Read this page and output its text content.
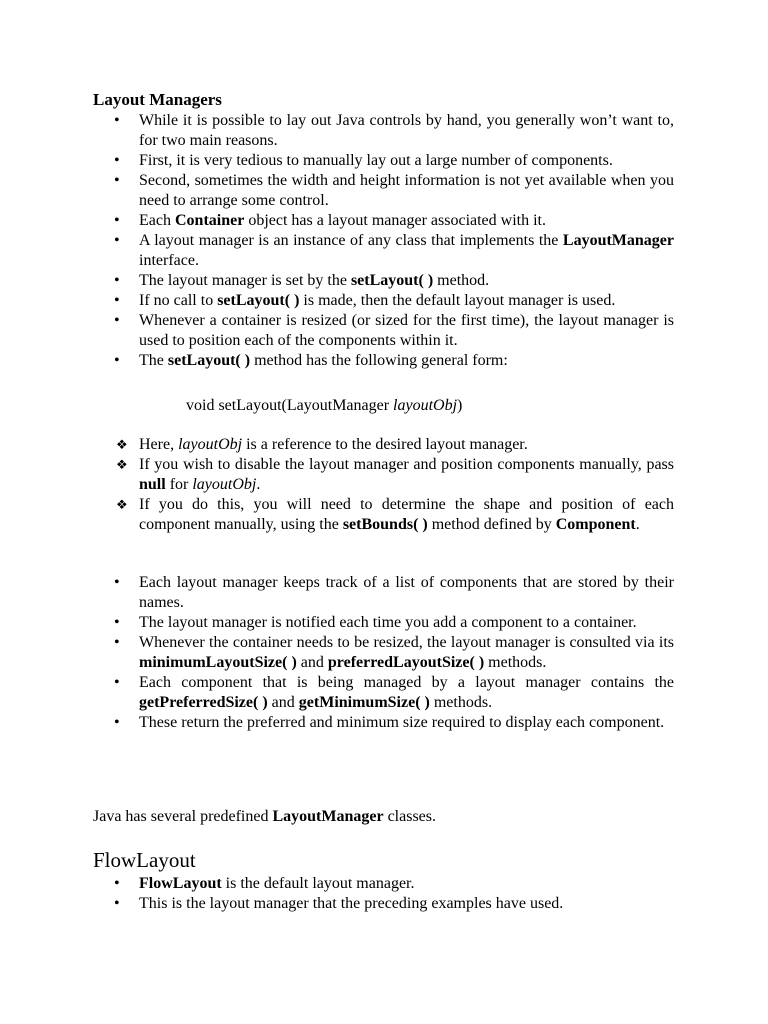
Layout Managers
• While it is possible to lay out Java controls by hand, you generally won’t want to, for two main reasons.
• First, it is very tedious to manually lay out a large number of components.
• Second, sometimes the width and height information is not yet available when you need to arrange some control.
• Each Container object has a layout manager associated with it.
• A layout manager is an instance of any class that implements the LayoutManager interface.
• The layout manager is set by the setLayout( ) method.
• If no call to setLayout( ) is made, then the default layout manager is used.
• Whenever a container is resized (or sized for the first time), the layout manager is used to position each of the components within it.
• The setLayout( ) method has the following general form:
void setLayout(LayoutManager layoutObj)
❖ Here, layoutObj is a reference to the desired layout manager.
❖ If you wish to disable the layout manager and position components manually, pass null for layoutObj.
❖ If you do this, you will need to determine the shape and position of each component manually, using the setBounds( ) method defined by Component.
• Each layout manager keeps track of a list of components that are stored by their names.
• The layout manager is notified each time you add a component to a container.
• Whenever the container needs to be resized, the layout manager is consulted via its minimumLayoutSize( ) and preferredLayoutSize( ) methods.
• Each component that is being managed by a layout manager contains the getPreferredSize( ) and getMinimumSize( ) methods.
• These return the preferred and minimum size required to display each component.
Java has several predefined LayoutManager classes.
FlowLayout
• FlowLayout is the default layout manager.
• This is the layout manager that the preceding examples have used.
